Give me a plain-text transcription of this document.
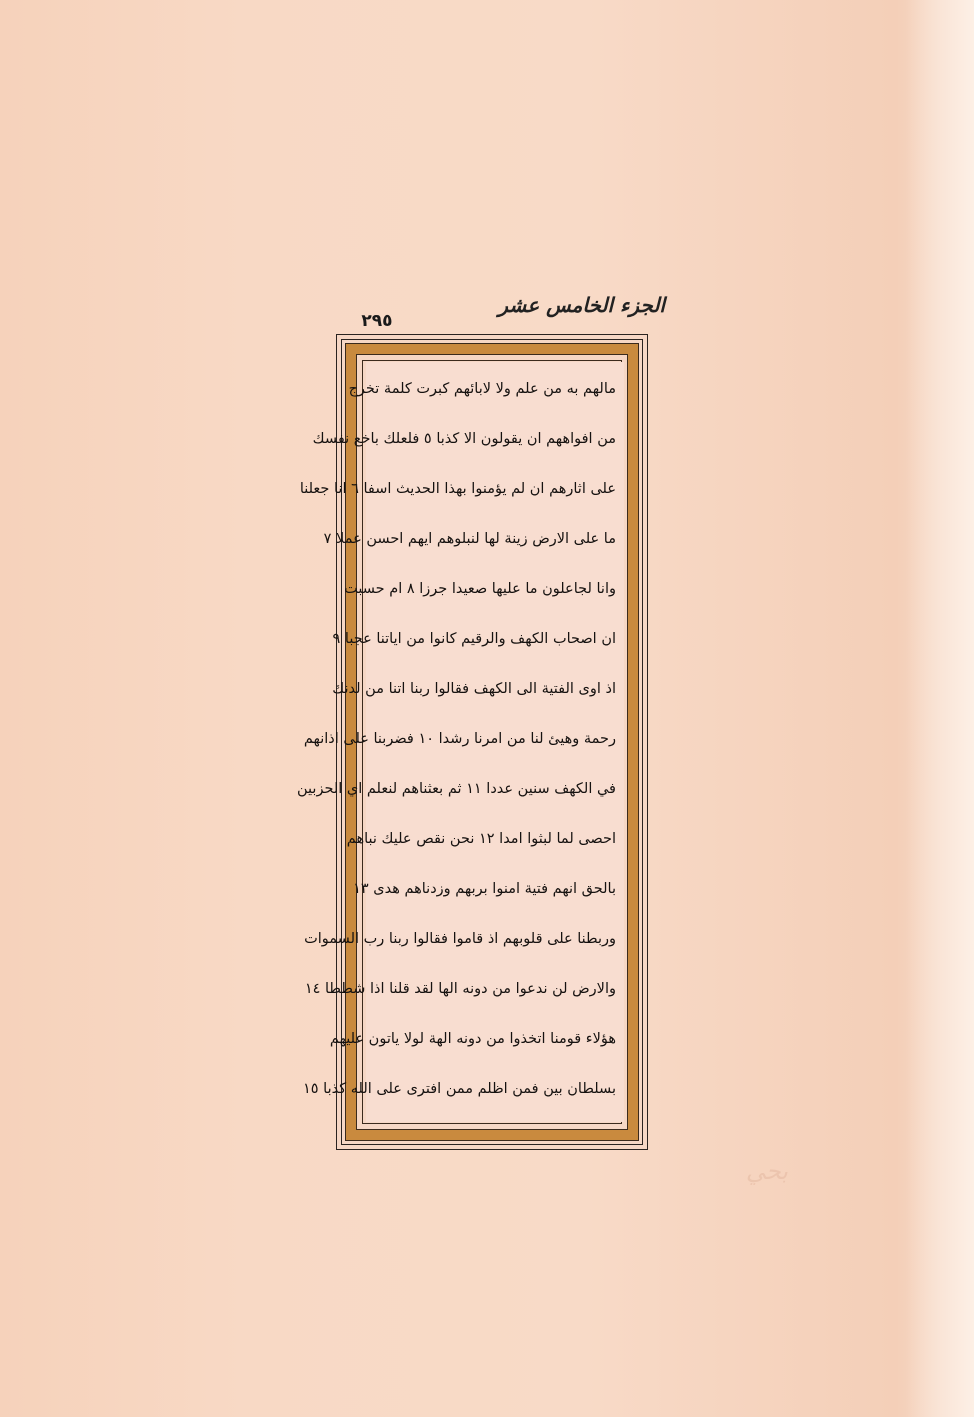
الجزء الخامس عشر
٢٩٥
مالهم به من علم ولا لابائهم كبرت كلمة تخرج
من افواههم ان يقولون الا كذبا ٥ فلعلك باخع نفسك
على اثارهم ان لم يؤمنوا بهذا الحديث اسفا ٦ انا جعلنا
ما على الارض زينة لها لنبلوهم ايهم احسن عملا ٧
وانا لجاعلون ما عليها صعيدا جرزا ٨ ام حسبت
ان اصحاب الكهف والرقيم كانوا من اياتنا عجبا ٩
اذ اوى الفتية الى الكهف فقالوا ربنا اتنا من لدنك
رحمة وهيئ لنا من امرنا رشدا ١٠ فضربنا على اذانهم
في الكهف سنين عددا ١١ ثم بعثناهم لنعلم اي الحزبين
احصى لما لبثوا امدا ١٢ نحن نقص عليك نباهم
بالحق انهم فتية امنوا بربهم وزدناهم هدى ١٣
وربطنا على قلوبهم اذ قاموا فقالوا ربنا رب السموات
والارض لن ندعوا من دونه الها لقد قلنا اذا شططا ١٤
هؤلاء قومنا اتخذوا من دونه الهة لولا ياتون عليهم
بسلطان بين فمن اظلم ممن افترى على الله كذبا ١٥
بحي
